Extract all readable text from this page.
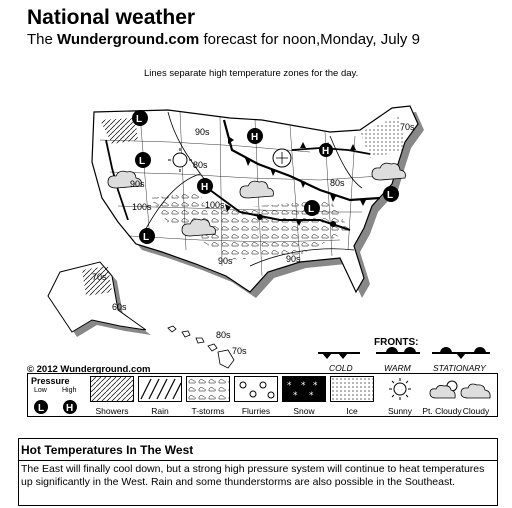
National weather
The Wunderground.com forecast for noon,Monday, July 9
Lines separate high temperature zones for the day.
90s
80s
90s
100s	100s
70s
80s
90s	90s
70s
60s
80s
70s
L
H
L
H
L
L
L
H
© 2012 Wunderground.com
FRONTS:
COLD	WARM	STATIONARY
Pressure
Low High
L H
* * *
* *
Showers	Rain	T-storms	Flurries	Snow	Ice	Sunny	Pt. Cloudy Cloudy
Hot Temperatures In The West
The East will finally cool down, but a strong high pressure system will continue to heat temperatures up significantly in the West. Rain and some thunderstorms are also possible in the Southeast.
